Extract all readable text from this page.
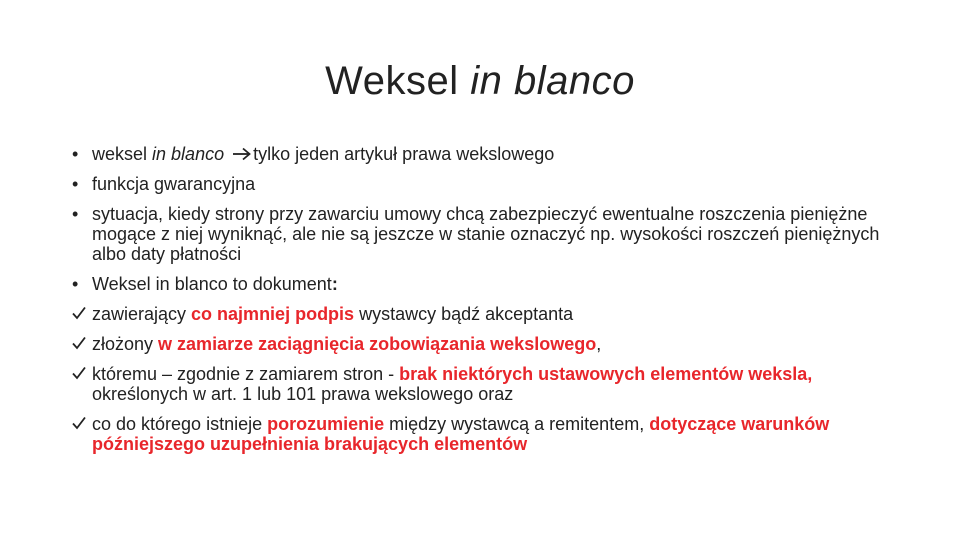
Weksel in blanco
• weksel in blanco tylko jeden artykuł prawa wekslowego
• funkcja gwarancyjna
• sytuacja, kiedy strony przy zawarciu umowy chcą zabezpieczyć ewentualne roszczenia pieniężne mogące z niej wyniknąć, ale nie są jeszcze w stanie oznaczyć np. wysokości roszczeń pieniężnych albo daty płatności
• Weksel in blanco to dokument:
zawierający co najmniej podpis wystawcy bądź akceptanta
złożony w zamiarze zaciągnięcia zobowiązania wekslowego,
któremu – zgodnie z zamiarem stron - brak niektórych ustawowych elementów weksla, określonych w art. 1 lub 101 prawa wekslowego oraz
co do którego istnieje porozumienie między wystawcą a remitentem, dotyczące warunków późniejszego uzupełnienia brakujących elementów
